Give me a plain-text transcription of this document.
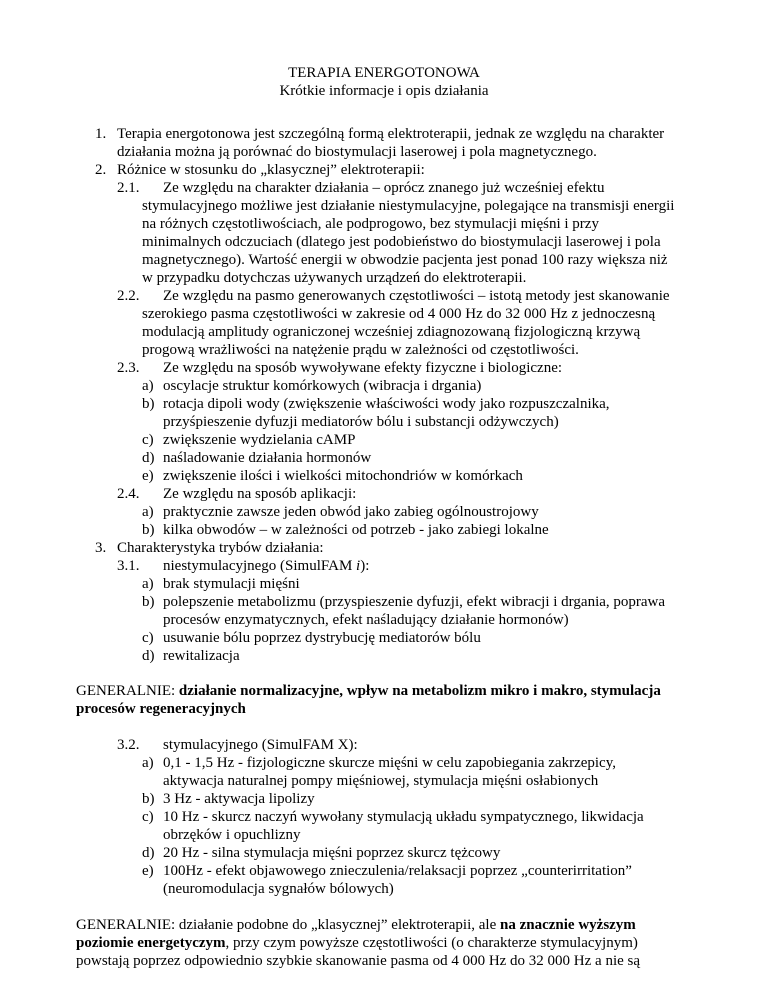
TERAPIA ENERGOTONOWA
Krótkie informacje i opis działania
1. Terapia energotonowa jest szczególną formą elektroterapii, jednak ze względu na charakter
działania można ją porównać do biostymulacji laserowej i pola magnetycznego.
2. Różnice w stosunku do „klasycznej” elektroterapii:
2.1. Ze względu na charakter działania – oprócz znanego już wcześniej efektu
stymulacyjnego możliwe jest działanie niestymulacyjne, polegające na transmisji energii
na różnych częstotliwościach, ale podprogowo, bez stymulacji mięśni i przy
minimalnych odczuciach (dlatego jest podobieństwo do biostymulacji laserowej i pola
magnetycznego). Wartość energii w obwodzie pacjenta jest ponad 100 razy większa niż
w przypadku dotychczas używanych urządzeń do elektroterapii.
2.2. Ze względu na pasmo generowanych częstotliwości – istotą metody jest skanowanie
szerokiego pasma częstotliwości w zakresie od 4 000 Hz do 32 000 Hz z jednoczesną
modulacją amplitudy ograniczonej wcześniej zdiagnozowaną fizjologiczną krzywą
progową wrażliwości na natężenie prądu w zależności od częstotliwości.
2.3. Ze względu na sposób wywoływane efekty fizyczne i biologiczne:
a) oscylacje struktur komórkowych (wibracja i drgania)
b) rotacja dipoli wody (zwiększenie właściwości wody jako rozpuszczalnika,
przyśpieszenie dyfuzji mediatorów bólu i substancji odżywczych)
c) zwiększenie wydzielania cAMP
d) naśladowanie działania hormonów
e) zwiększenie ilości i wielkości mitochondriów w komórkach
2.4. Ze względu na sposób aplikacji:
a) praktycznie zawsze jeden obwód jako zabieg ogólnoustrojowy
b) kilka obwodów – w zależności od potrzeb - jako zabiegi lokalne
3. Charakterystyka trybów działania:
3.1. niestymulacyjnego (SimulFAM i):
a) brak stymulacji mięśni
b) polepszenie metabolizmu (przyspieszenie dyfuzji, efekt wibracji i drgania, poprawa
procesów enzymatycznych, efekt naśladujący działanie hormonów)
c) usuwanie bólu poprzez dystrybucję mediatorów bólu
d) rewitalizacja
GENERALNIE: działanie normalizacyjne, wpływ na metabolizm mikro i makro, stymulacja
procesów regeneracyjnych
3.2. stymulacyjnego (SimulFAM X):
a) 0,1 - 1,5 Hz - fizjologiczne skurcze mięśni w celu zapobiegania zakrzepicy,
aktywacja naturalnej pompy mięśniowej, stymulacja mięśni osłabionych
b) 3 Hz - aktywacja lipolizy
c) 10 Hz - skurcz naczyń wywołany stymulacją układu sympatycznego, likwidacja
obrzęków i opuchlizny
d) 20 Hz - silna stymulacja mięśni poprzez skurcz tężcowy
e) 100Hz - efekt objawowego znieczulenia/relaksacji poprzez „counterirritation”
(neuromodulacja sygnałów bólowych)
GENERALNIE: działanie podobne do „klasycznej” elektroterapii, ale na znacznie wyższym
poziomie energetyczym, przy czym powyższe częstotliwości (o charakterze stymulacyjnym)
powstają poprzez odpowiednio szybkie skanowanie pasma od 4 000 Hz do 32 000 Hz a nie są
